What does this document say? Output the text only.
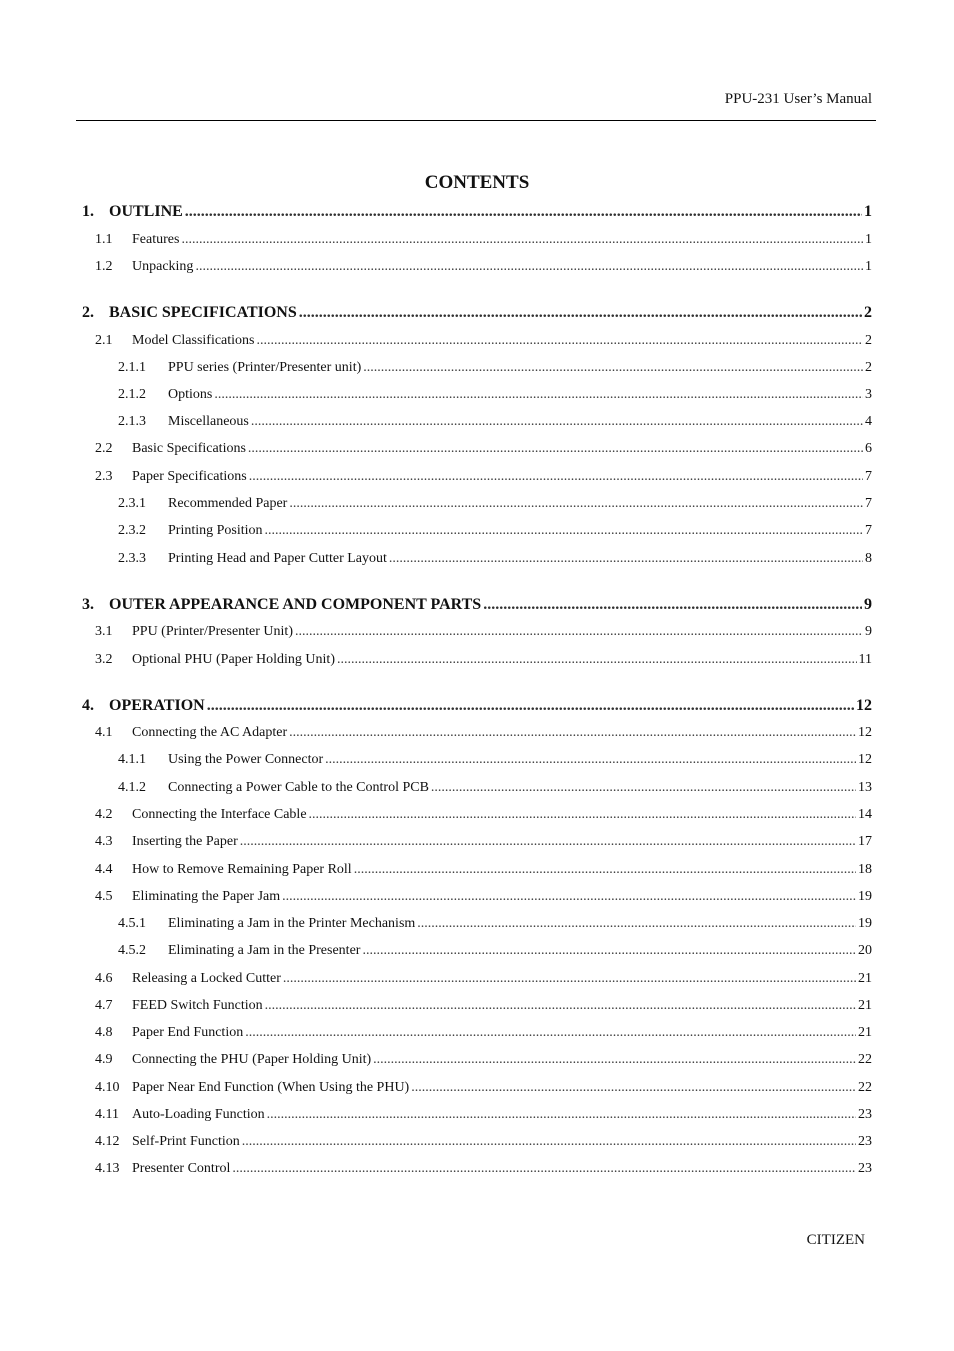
PPU-231 User’s Manual
CONTENTS
1. OUTLINE .....	1
1.1	Features .....	1
1.2	Unpacking .....	1
2. BASIC SPECIFICATIONS .....	2
2.1	Model Classifications .....	2
2.1.1	PPU series (Printer/Presenter unit) .....	2
2.1.2	Options .....	3
2.1.3	Miscellaneous .....	4
2.2	Basic Specifications .....	6
2.3	Paper Specifications .....	7
2.3.1	Recommended Paper .....	7
2.3.2	Printing Position .....	7
2.3.3	Printing Head and Paper Cutter Layout .....	8
3. OUTER APPEARANCE AND COMPONENT PARTS .....	9
3.1	PPU (Printer/Presenter Unit) .....	9
3.2	Optional PHU (Paper Holding Unit) .....	11
4. OPERATION .....	12
4.1	Connecting the AC Adapter .....	12
4.1.1	Using the Power Connector .....	12
4.1.2	Connecting a Power Cable to the Control PCB .....	13
4.2	Connecting the Interface Cable .....	14
4.3	Inserting the Paper .....	17
4.4	How to Remove Remaining Paper Roll .....	18
4.5	Eliminating the Paper Jam .....	19
4.5.1	Eliminating a Jam in the Printer Mechanism .....	19
4.5.2	Eliminating a Jam in the Presenter .....	20
4.6	Releasing a Locked Cutter .....	21
4.7	FEED Switch Function .....	21
4.8	Paper End Function .....	21
4.9	Connecting the PHU (Paper Holding Unit) .....	22
4.10 Paper Near End Function (When Using the PHU) .....	22
4.11 Auto-Loading Function .....	23
4.12 Self-Print Function .....	23
4.13 Presenter Control .....	23
CITIZEN
